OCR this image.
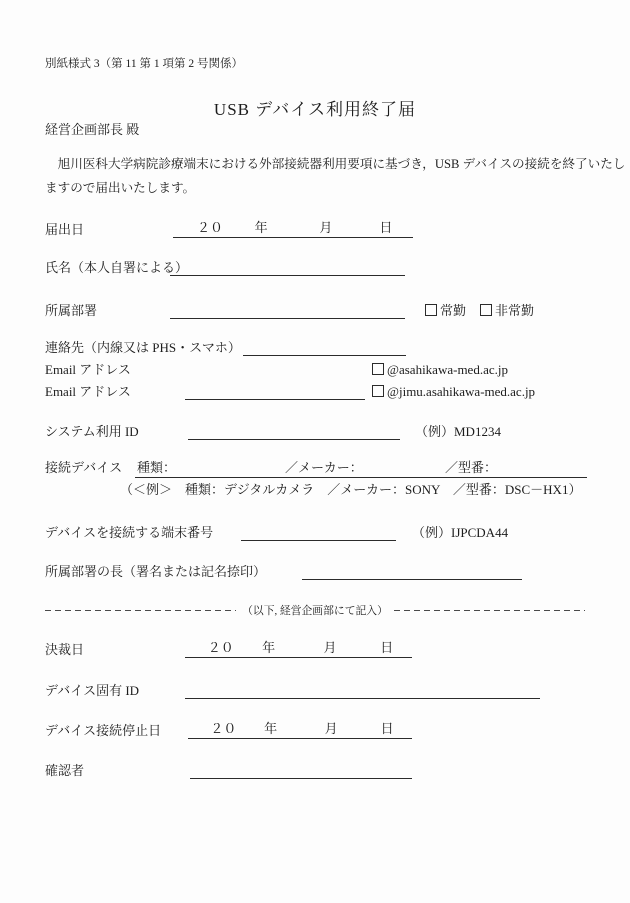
別紙様式 3（第 11 第 1 項第 2 号関係）
USB デバイス利用終了届
経営企画部長 殿
　旭川医科大学病院診療端末における外部接続器利用要項に基づき，USB デバイスの接続を終了いたし
ますので届出いたします。
届出日	２０ 年	月	日
氏名（本人自署による）
所属部署	常勤	非常勤
連絡先（内線又は PHS・スマホ）
Email アドレス	@asahikawa-med.ac.jp
Email アドレス	@jimu.asahikawa-med.ac.jp
システム利用 ID	（例）MD1234
接続デバイス 種類：	／メーカー：	／型番：
（＜例＞　種類：デジタルカメラ　／メーカー：SONY　／型番：DSC－HX1）
デバイスを接続する端末番号	（例）IJPCDA44
所属部署の長（署名または記名捺印）
（以下, 経営企画部にて記入）
決裁日	２０ 年	月	日
デバイス固有 ID
デバイス接続停止日	２０ 年	月	日
確認者
